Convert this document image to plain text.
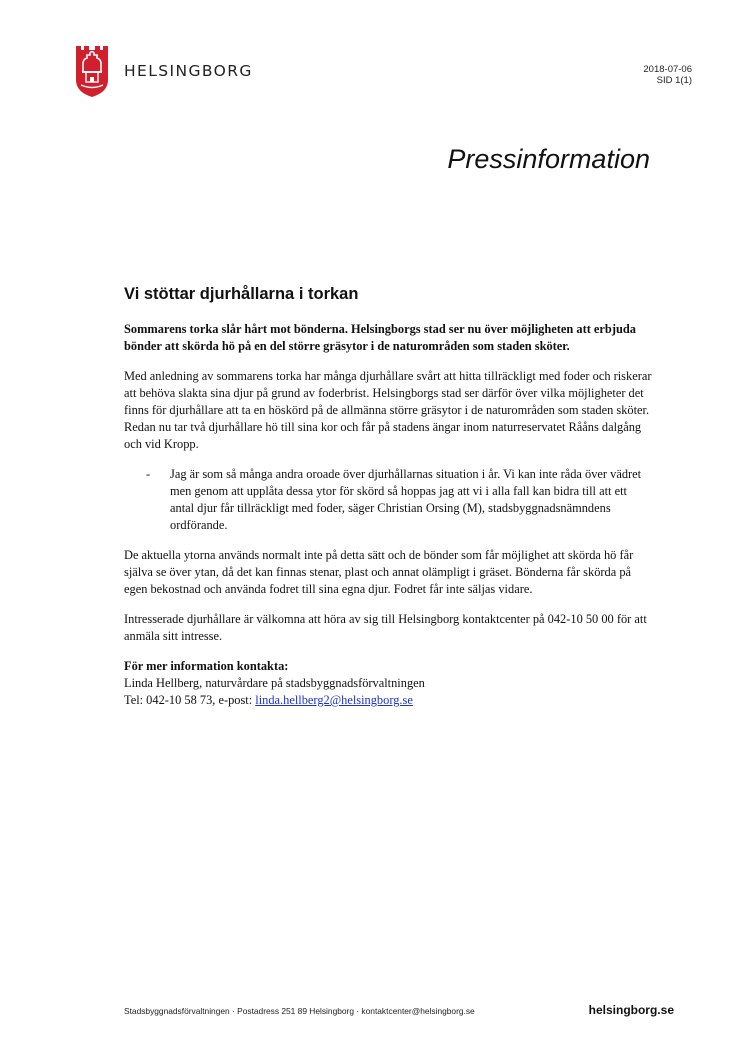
HELSINGBORG	2018-07-06
SID 1(1)
Pressinformation
Vi stöttar djurhållarna i torkan

Sommarens torka slår hårt mot bönderna. Helsingborgs stad ser nu över möjligheten att erbjuda bönder att skörda hö på en del större gräsytor i de naturområden som staden sköter.

Med anledning av sommarens torka har många djurhållare svårt att hitta tillräckligt med foder och riskerar att behöva slakta sina djur på grund av foderbrist. Helsingborgs stad ser därför över vilka möjligheter det finns för djurhållare att ta en höskörd på de allmänna större gräsytor i de naturområden som staden sköter. Redan nu tar två djurhållare hö till sina kor och får på stadens ängar inom naturreservatet Rååns dalgång och vid Kropp.

- Jag är som så många andra oroade över djurhållarnas situation i år. Vi kan inte råda över vädret men genom att upplåta dessa ytor för skörd så hoppas jag att vi i alla fall kan bidra till att ett antal djur får tillräckligt med foder, säger Christian Orsing (M), stadsbyggnadsnämndens ordförande.

De aktuella ytorna används normalt inte på detta sätt och de bönder som får möjlighet att skörda hö får själva se över ytan, då det kan finnas stenar, plast och annat olämpligt i gräset. Bönderna får skörda på egen bekostnad och använda fodret till sina egna djur. Fodret får inte säljas vidare.

Intresserade djurhållare är välkomna att höra av sig till Helsingborg kontaktcenter på 042-10 50 00 för att anmäla sitt intresse.

För mer information kontakta:
Linda Hellberg, naturvårdare på stadsbyggnadsförvaltningen
Tel: 042-10 58 73, e-post: linda.hellberg2@helsingborg.se
Stadsbyggnadsförvaltningen · Postadress 251 89 Helsingborg · kontaktcenter@helsingborg.se	helsingborg.se
